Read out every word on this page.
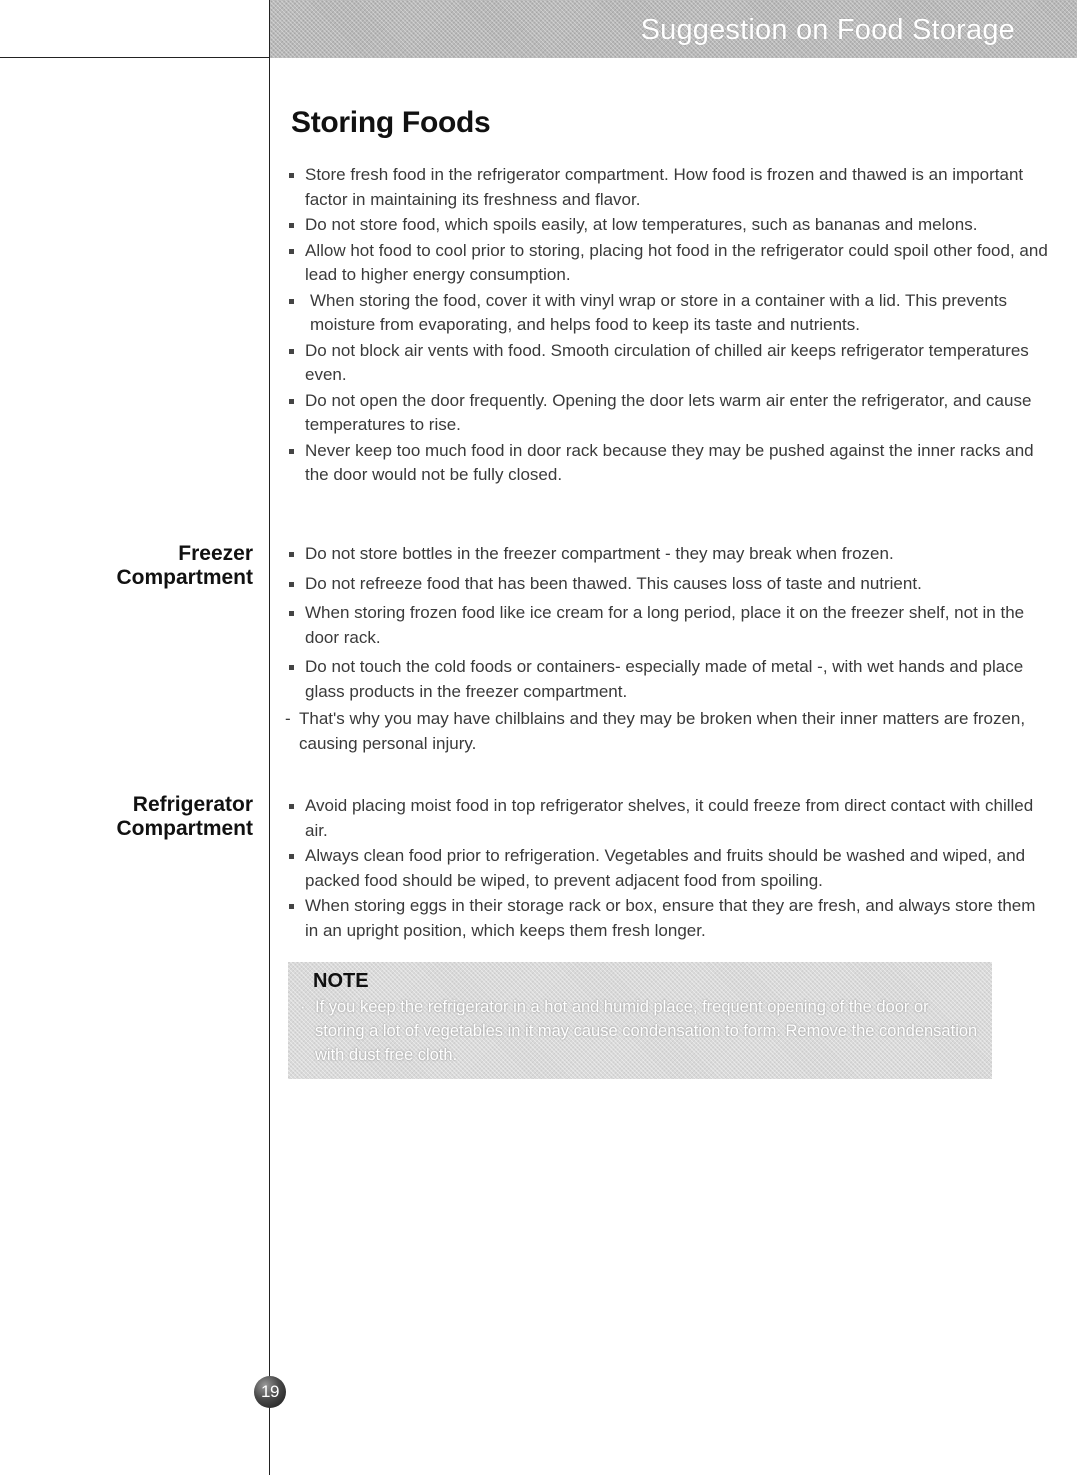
Suggestion on Food Storage
Storing Foods
Store fresh food in the refrigerator compartment. How food is frozen and thawed is an important factor in maintaining its freshness and flavor.
Do not store food, which spoils easily, at low temperatures, such as bananas and melons.
Allow hot food to cool prior to storing, placing hot food in the refrigerator could spoil other food, and lead to higher energy consumption.
When storing the food, cover it with vinyl wrap or store in a container with a lid. This prevents moisture from evaporating, and helps food to keep its taste and nutrients.
Do not block air vents with food. Smooth circulation of chilled air keeps refrigerator temperatures even.
Do not open the door frequently. Opening the door lets warm air enter the refrigerator, and cause temperatures to rise.
Never keep too much food in door rack because they may be pushed against the inner racks and the door would not be fully closed.
Freezer
Compartment
Do not store bottles in the freezer compartment - they may break when frozen.
Do not refreeze food that has been thawed. This causes loss of taste and nutrient.
When storing frozen food like ice cream for a long period, place it on the freezer shelf, not in the door rack.
Do not touch the cold foods or containers- especially made of metal -, with wet hands and place glass products in the freezer compartment.
- That's why you may have chilblains and they may be broken when their inner matters are frozen, causing personal injury.
Refrigerator
Compartment
Avoid placing moist food in top refrigerator shelves, it could freeze from direct contact with chilled air.
Always clean food prior to refrigeration. Vegetables and fruits should be washed and wiped, and packed food should be wiped, to prevent adjacent food from spoiling.
When storing eggs in their storage rack or box, ensure that they are fresh, and always store them in an upright position, which keeps them fresh longer.
NOTE
· If you keep the refrigerator in a hot and humid place, frequent opening of the door or storing a lot of vegetables in it may cause condensation to form. Remove the condensation with dust free cloth.
19
